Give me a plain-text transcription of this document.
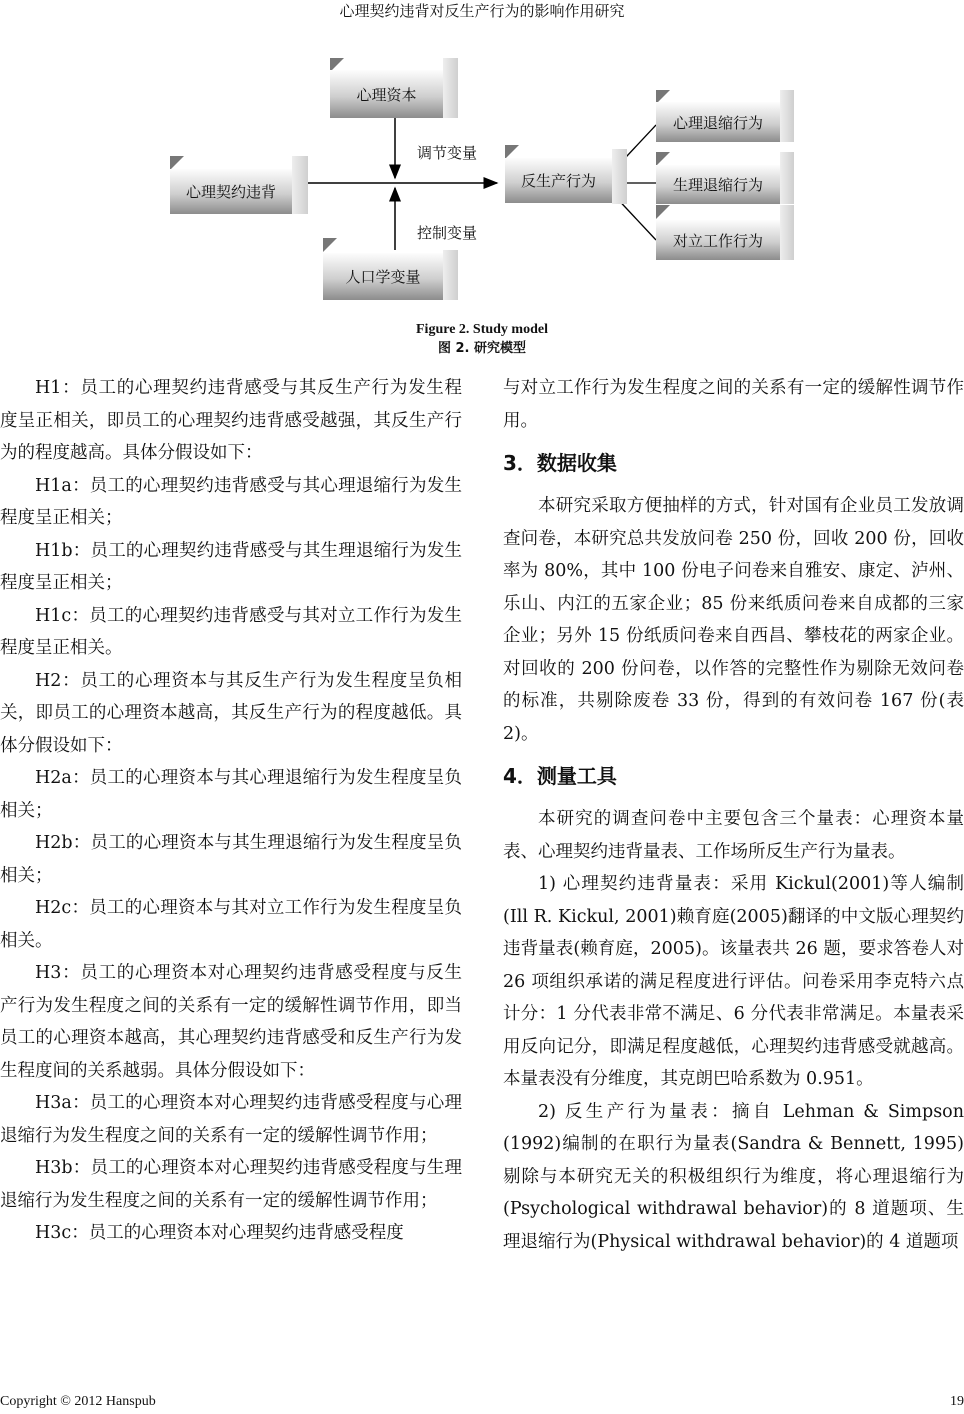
心理契约违背对反生产行为的影响作用研究
心理资本
心理契约违背
人口学变量
反生产行为
心理退缩行为
生理退缩行为
对立工作行为
调节变量
控制变量
Figure 2. Study model
图 2. 研究模型

H1：员工的心理契约违背感受与其反生产行为发生程度呈正相关，即员工的心理契约违背感受越强，其反生产行为的程度越高。具体分假设如下：

H1a：员工的心理契约违背感受与其心理退缩行为发生程度呈正相关；

H1b：员工的心理契约违背感受与其生理退缩行为发生程度呈正相关；

H1c：员工的心理契约违背感受与其对立工作行为发生程度呈正相关。

H2：员工的心理资本与其反生产行为发生程度呈负相关，即员工的心理资本越高，其反生产行为的程度越低。具体分假设如下：

H2a：员工的心理资本与其心理退缩行为发生程度呈负相关；

H2b：员工的心理资本与其生理退缩行为发生程度呈负相关；

H2c：员工的心理资本与其对立工作行为发生程度呈负相关。

H3：员工的心理资本对心理契约违背感受程度与反生产行为发生程度之间的关系有一定的缓解性调节作用，即当员工的心理资本越高，其心理契约违背感受和反生产行为发生程度间的关系越弱。具体分假设如下：

H3a：员工的心理资本对心理契约违背感受程度与心理退缩行为发生程度之间的关系有一定的缓解性调节作用；

H3b：员工的心理资本对心理契约违背感受程度与生理退缩行为发生程度之间的关系有一定的缓解性调节作用；

H3c：员工的心理资本对心理契约违背感受程度

与对立工作行为发生程度之间的关系有一定的缓解性调节作用。

3．数据收集

本研究采取方便抽样的方式，针对国有企业员工发放调查问卷，本研究总共发放问卷 250 份，回收 200 份，回收率为 80%，其中 100 份电子问卷来自雅安、康定、泸州、乐山、内江的五家企业；85 份来纸质问卷来自成都的三家企业；另外 15 份纸质问卷来自西昌、攀枝花的两家企业。对回收的 200 份问卷，以作答的完整性作为剔除无效问卷的标准，共剔除废卷 33 份，得到的有效问卷 167 份(表 2)。

4．测量工具

本研究的调查问卷中主要包含三个量表：心理资本量表、心理契约违背量表、工作场所反生产行为量表。

1) 心理契约违背量表：采用 Kickul(2001)等人编制(Ill R. Kickul, 2001)赖育庭(2005)翻译的中文版心理契约违背量表(赖育庭，2005)。该量表共 26 题，要求答卷人对 26 项组织承诺的满足程度进行评估。问卷采用李克特六点计分：1 分代表非常不满足、6 分代表非常满足。本量表采用反向记分，即满足程度越低，心理契约违背感受就越高。本量表没有分维度，其克朗巴哈系数为 0.951。

2) 反生产行为量表：摘自 Lehman & Simpson (1992)编制的在职行为量表(Sandra & Bennett, 1995)剔除与本研究无关的积极组织行为维度，将心理退缩行为(Psychological withdrawal behavior)的 8 道题项、生理退缩行为(Physical withdrawal behavior)的 4 道题项

Copyright © 2012 Hanspub	19
